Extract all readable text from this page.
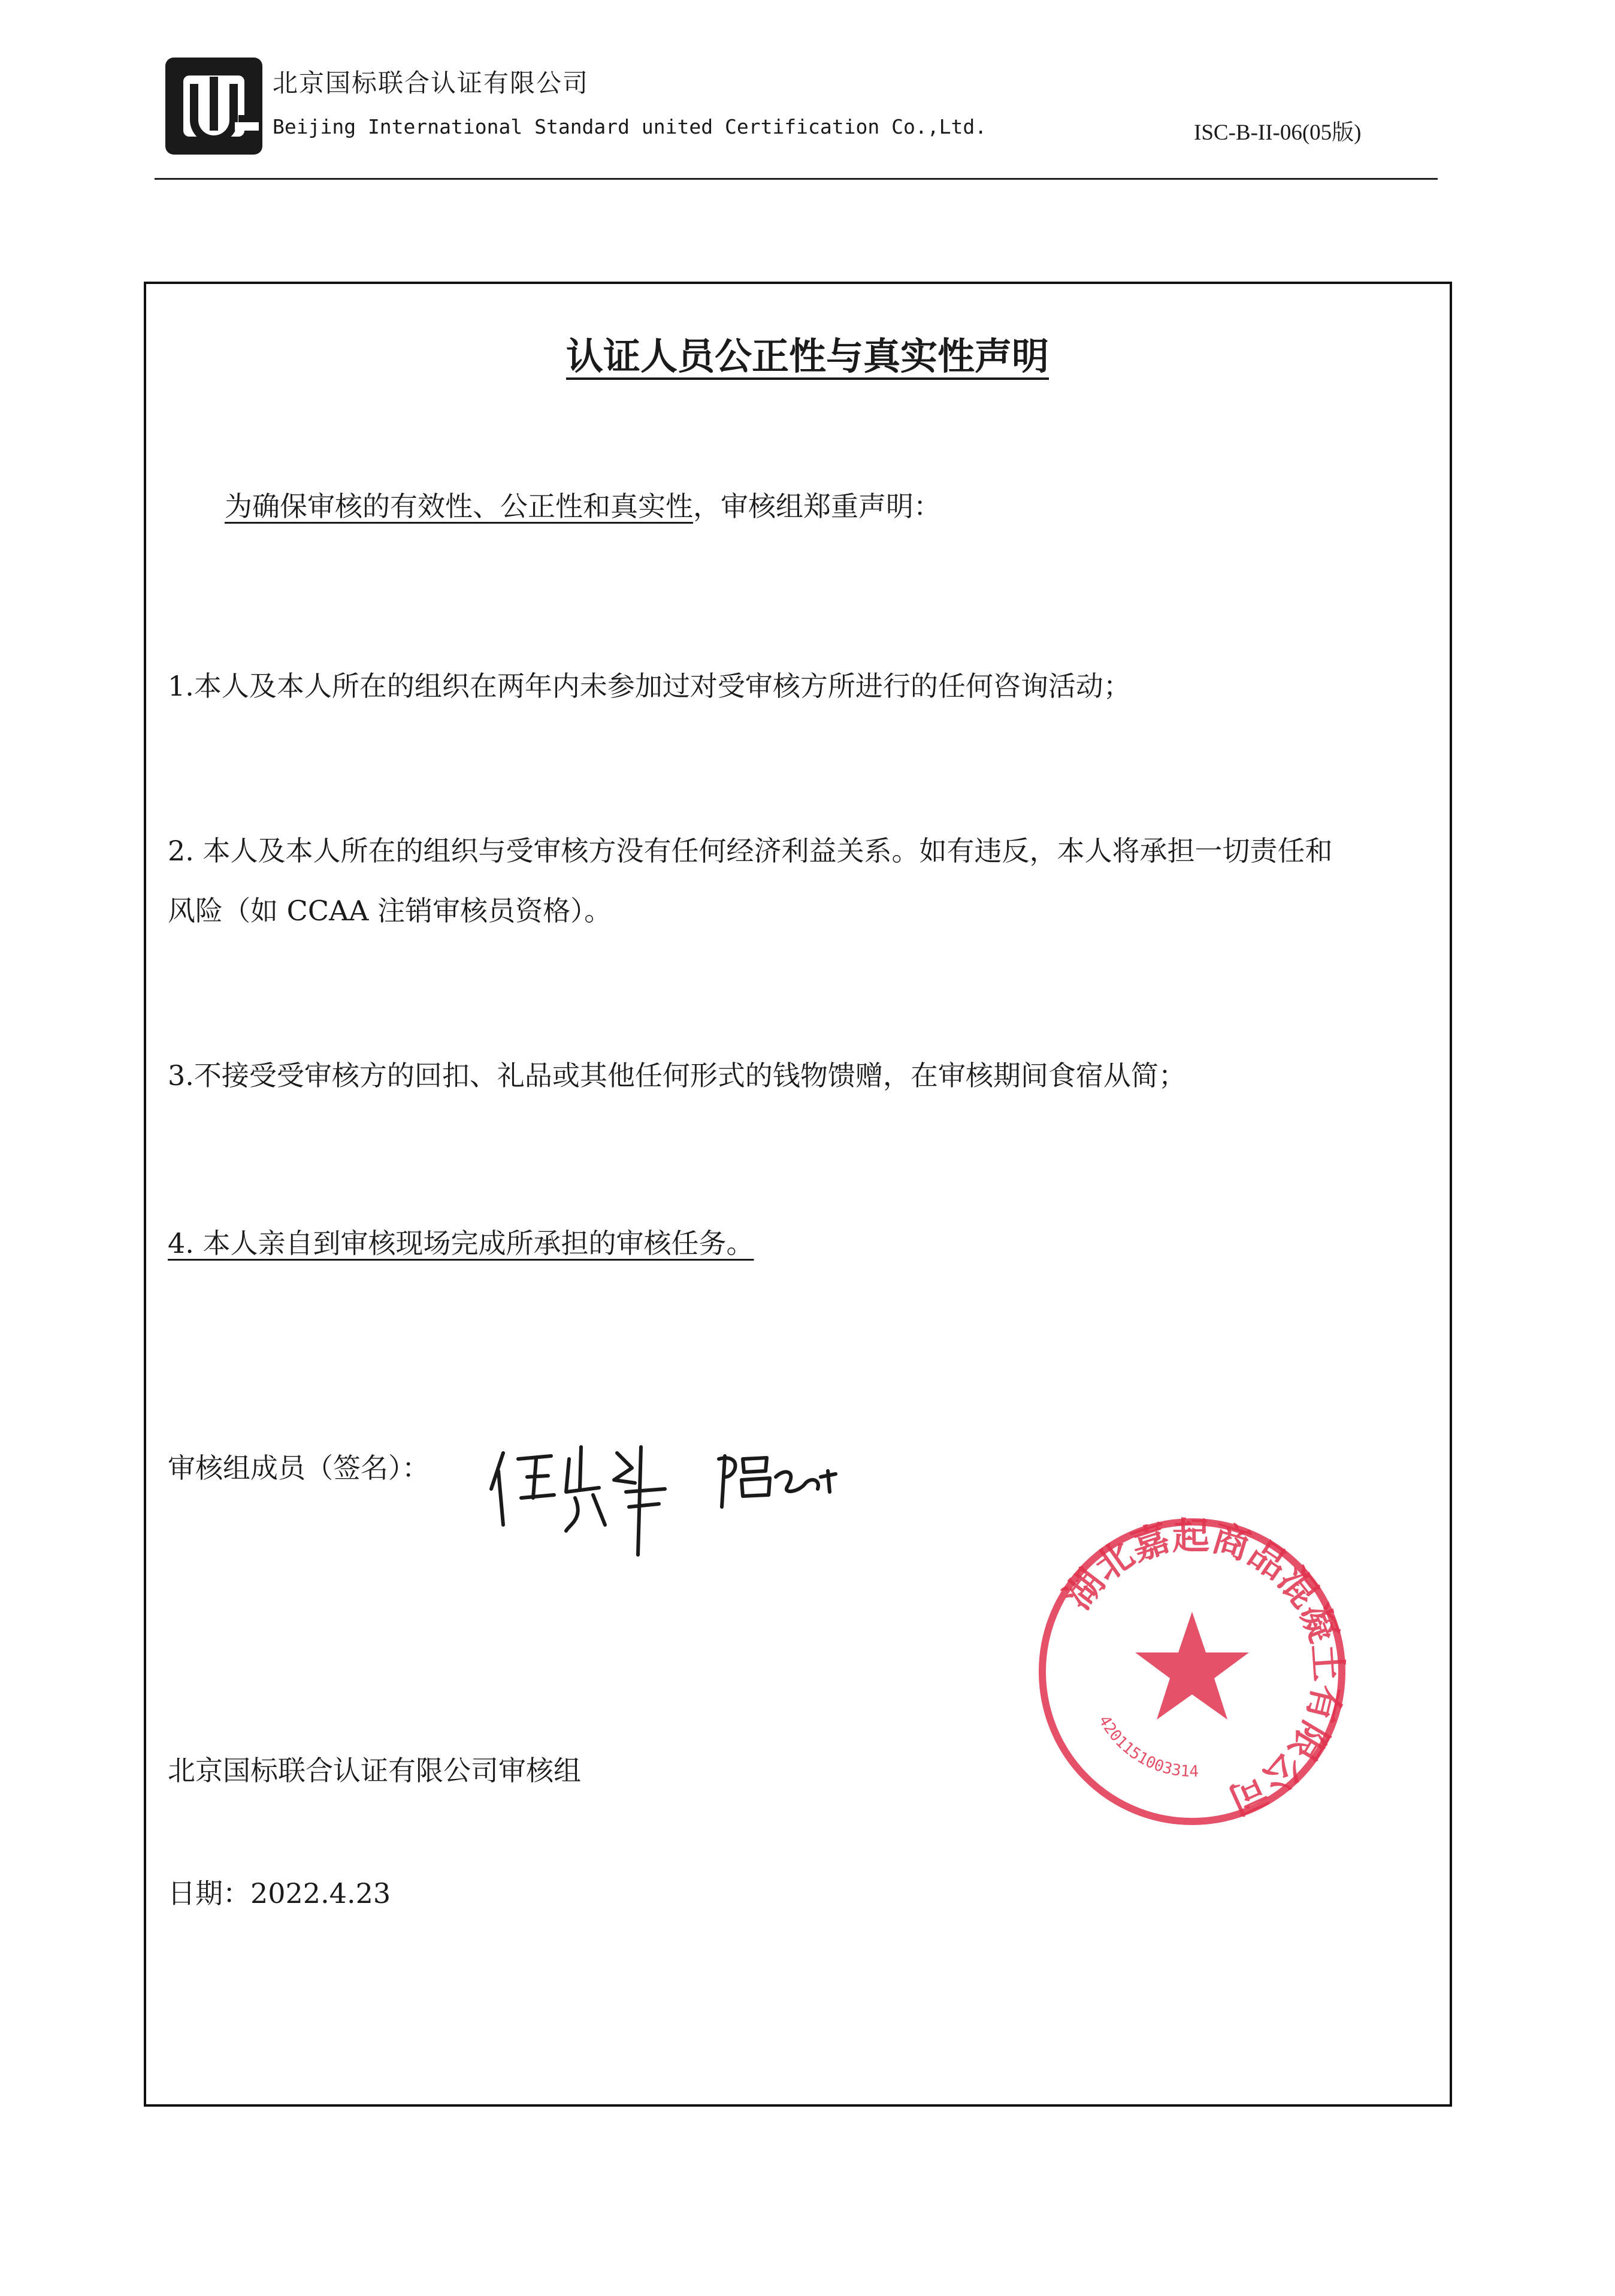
北京国标联合认证有限公司
Beijing International Standard united Certification Co.,Ltd.	ISC-B-II-06(05版)
认证人员公正性与真实性声明
为确保审核的有效性、公正性和真实性，审核组郑重声明：
1.本人及本人所在的组织在两年内未参加过对受审核方所进行的任何咨询活动；
2. 本人及本人所在的组织与受审核方没有任何经济利益关系。如有违反，本人将承担一切责任和
风险（如 CCAA 注销审核员资格）。
3.不接受受审核方的回扣、礼品或其他任何形式的钱物馈赠，在审核期间食宿从简；
4. 本人亲自到审核现场完成所承担的审核任务。
审核组成员（签名）：
湖北嘉起商品混凝土有限公司
4201151003314
北京国标联合认证有限公司审核组
日期：2022.4.23
